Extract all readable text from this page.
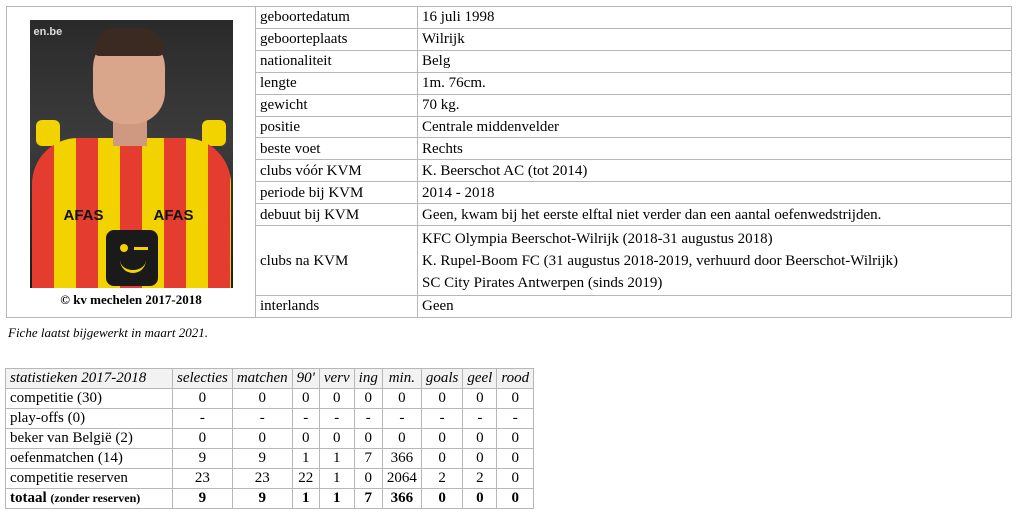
en.be
AFAS AFAS
© kv mechelen 2017-2018	geboortedatum	16 juli 1998
	geboorteplaats	Wilrijk
	nationaliteit	Belg
	lengte	1m. 76cm.
	gewicht	70 kg.
	positie	Centrale middenvelder
	beste voet	Rechts
	clubs vóór KVM	K. Beerschot AC (tot 2014)
	periode bij KVM	2014 - 2018
	debuut bij KVM	Geen, kwam bij het eerste elftal niet verder dan een aantal oefenwedstrijden.
	clubs na KVM	KFC Olympia Beerschot-Wilrijk (2018-31 augustus 2018)
K. Rupel-Boom FC (31 augustus 2018-2019, verhuurd door Beerschot-Wilrijk)
SC City Pirates Antwerpen (sinds 2019)

	interlands	Geen

Fiche laatst bijgewerkt in maart 2021.

statistieken 2017-2018	selecties	matchen	90'	verv	ing	min.	goals	geel	rood
competitie (30)	0	0	0	0	0	0	0	0	0
play-offs (0)	-	-	-	-	-	-	-	-	-
beker van België (2)	0	0	0	0	0	0	0	0	0
oefenmatchen (14)	9	9	1	1	7	366	0	0	0
competitie reserven	23	23	22	1	0	2064	2	2	0
totaal (zonder reserven)	9	9	1	1	7	366	0	0	0
